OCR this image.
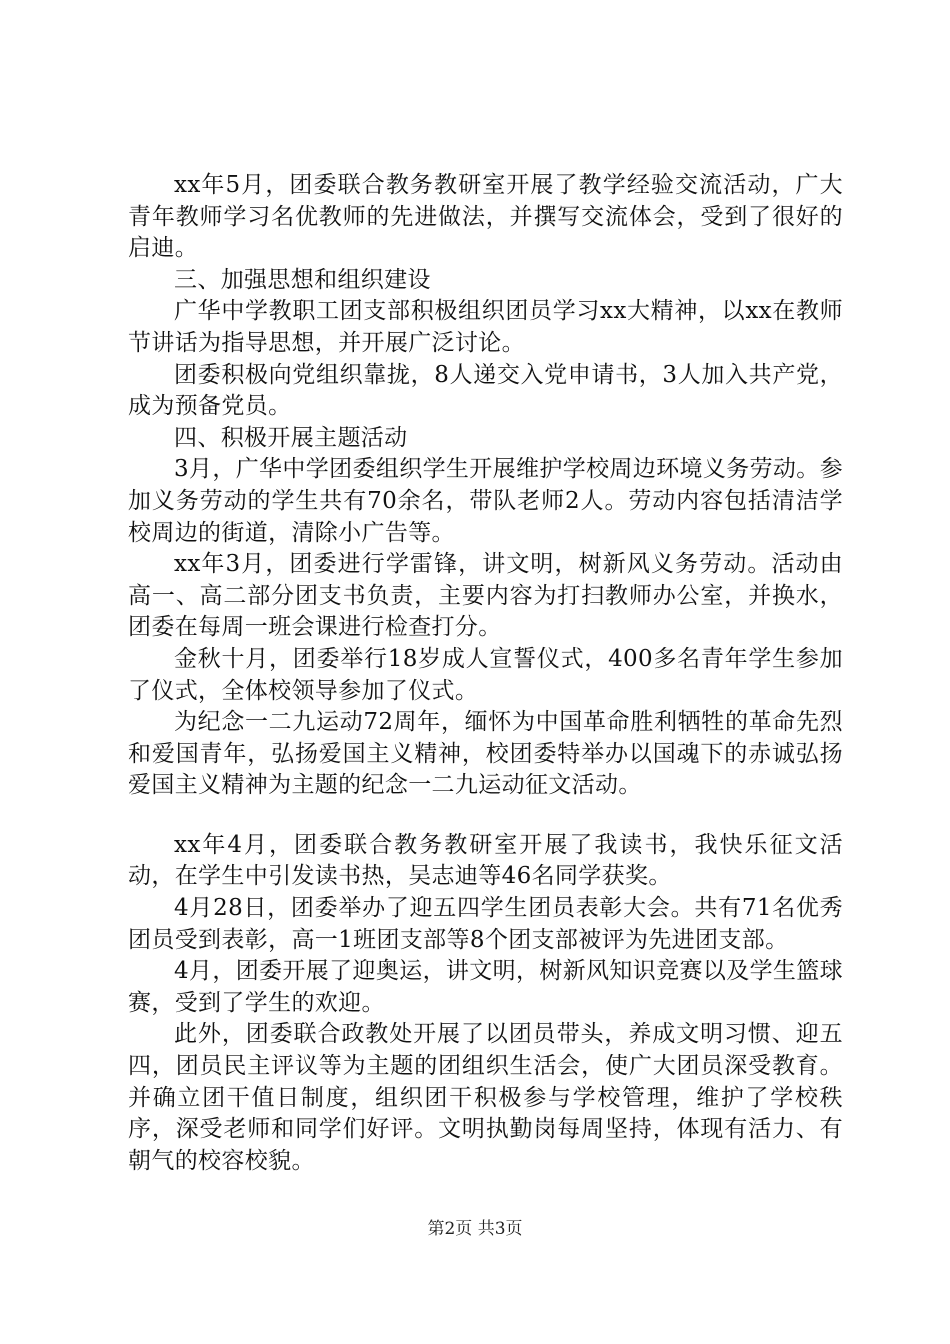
xx年5月，团委联合教务教研室开展了教学经验交流活动，广大青年教师学习名优教师的先进做法，并撰写交流体会，受到了很好的启迪。

三、加强思想和组织建设

广华中学教职工团支部积极组织团员学习xx大精神，以xx在教师节讲话为指导思想，并开展广泛讨论。

团委积极向党组织靠拢，8人递交入党申请书，3人加入共产党，成为预备党员。

四、积极开展主题活动

3月，广华中学团委组织学生开展维护学校周边环境义务劳动。参加义务劳动的学生共有70余名，带队老师2人。劳动内容包括清洁学校周边的街道，清除小广告等。

xx年3月，团委进行学雷锋，讲文明，树新风义务劳动。活动由高一、高二部分团支书负责，主要内容为打扫教师办公室，并换水，团委在每周一班会课进行检查打分。

金秋十月，团委举行18岁成人宣誓仪式，400多名青年学生参加了仪式，全体校领导参加了仪式。

为纪念一二九运动72周年，缅怀为中国革命胜利牺牲的革命先烈和爱国青年，弘扬爱国主义精神，校团委特举办以国魂下的赤诚弘扬爱国主义精神为主题的纪念一二九运动征文活动。

xx年4月，团委联合教务教研室开展了我读书，我快乐征文活动，在学生中引发读书热，吴志迪等46名同学获奖。

4月28日，团委举办了迎五四学生团员表彰大会。共有71名优秀团员受到表彰，高一1班团支部等8个团支部被评为先进团支部。

4月，团委开展了迎奥运，讲文明，树新风知识竞赛以及学生篮球赛，受到了学生的欢迎。

此外，团委联合政教处开展了以团员带头，养成文明习惯、迎五四，团员民主评议等为主题的团组织生活会，使广大团员深受教育。并确立团干值日制度，组织团干积极参与学校管理，维护了学校秩序，深受老师和同学们好评。文明执勤岗每周坚持，体现有活力、有朝气的校容校貌。

第2页 共3页
